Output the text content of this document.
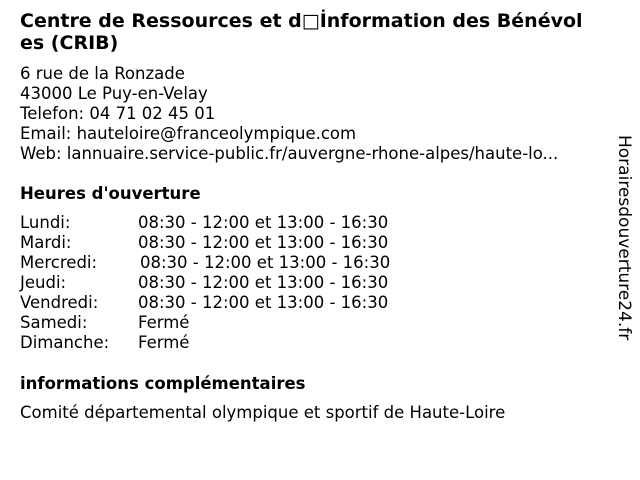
Centre de Ressources et d□İnformation des Bénévoles (CRIB)
6 rue de la Ronzade
43000 Le Puy-en-Velay
Telefon: 04 71 02 45 01
Email: hauteloire@franceolympique.com
Web: lannuaire.service-public.fr/auvergne-rhone-alpes/haute-lo...
Heures d'ouverture
Lundi:	08:30 - 12:00 et 13:00 - 16:30
Mardi:	08:30 - 12:00 et 13:00 - 16:30
Mercredi:	08:30 - 12:00 et 13:00 - 16:30
Jeudi:	08:30 - 12:00 et 13:00 - 16:30
Vendredi: 08:30 - 12:00 et 13:00 - 16:30
Samedi:	Fermé
Dimanche: Fermé
informations complémentaires
Comité départemental olympique et sportif de Haute-Loire
Horairesdouverture24.fr
